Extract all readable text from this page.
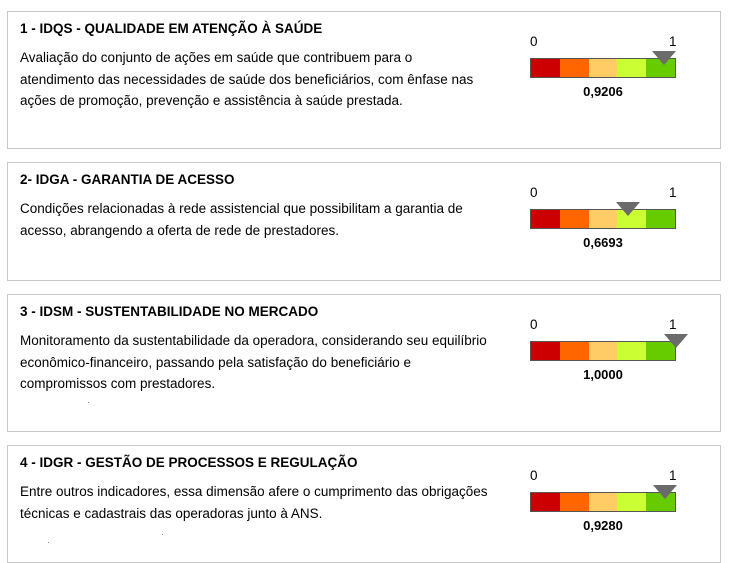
1 - IDQS - QUALIDADE EM ATENÇÃO À SAÚDE
Avaliação do conjunto de ações em saúde que contribuem para o atendimento das necessidades de saúde dos beneficiários, com ênfase nas ações de promoção, prevenção e assistência à saúde prestada.
0	1
0,9206
2- IDGA - GARANTIA DE ACESSO
Condições relacionadas à rede assistencial que possibilitam a garantia de acesso, abrangendo a oferta de rede de prestadores.
0	1
0,6693
3 - IDSM - SUSTENTABILIDADE NO MERCADO
Monitoramento da sustentabilidade da operadora, considerando seu equilíbrio econômico-financeiro, passando pela satisfação do beneficiário e compromissos com prestadores.
0	1
1,0000
4 - IDGR - GESTÃO DE PROCESSOS E REGULAÇÃO
Entre outros indicadores, essa dimensão afere o cumprimento das obrigações técnicas e cadastrais das operadoras junto à ANS.
0	1
0,9280
